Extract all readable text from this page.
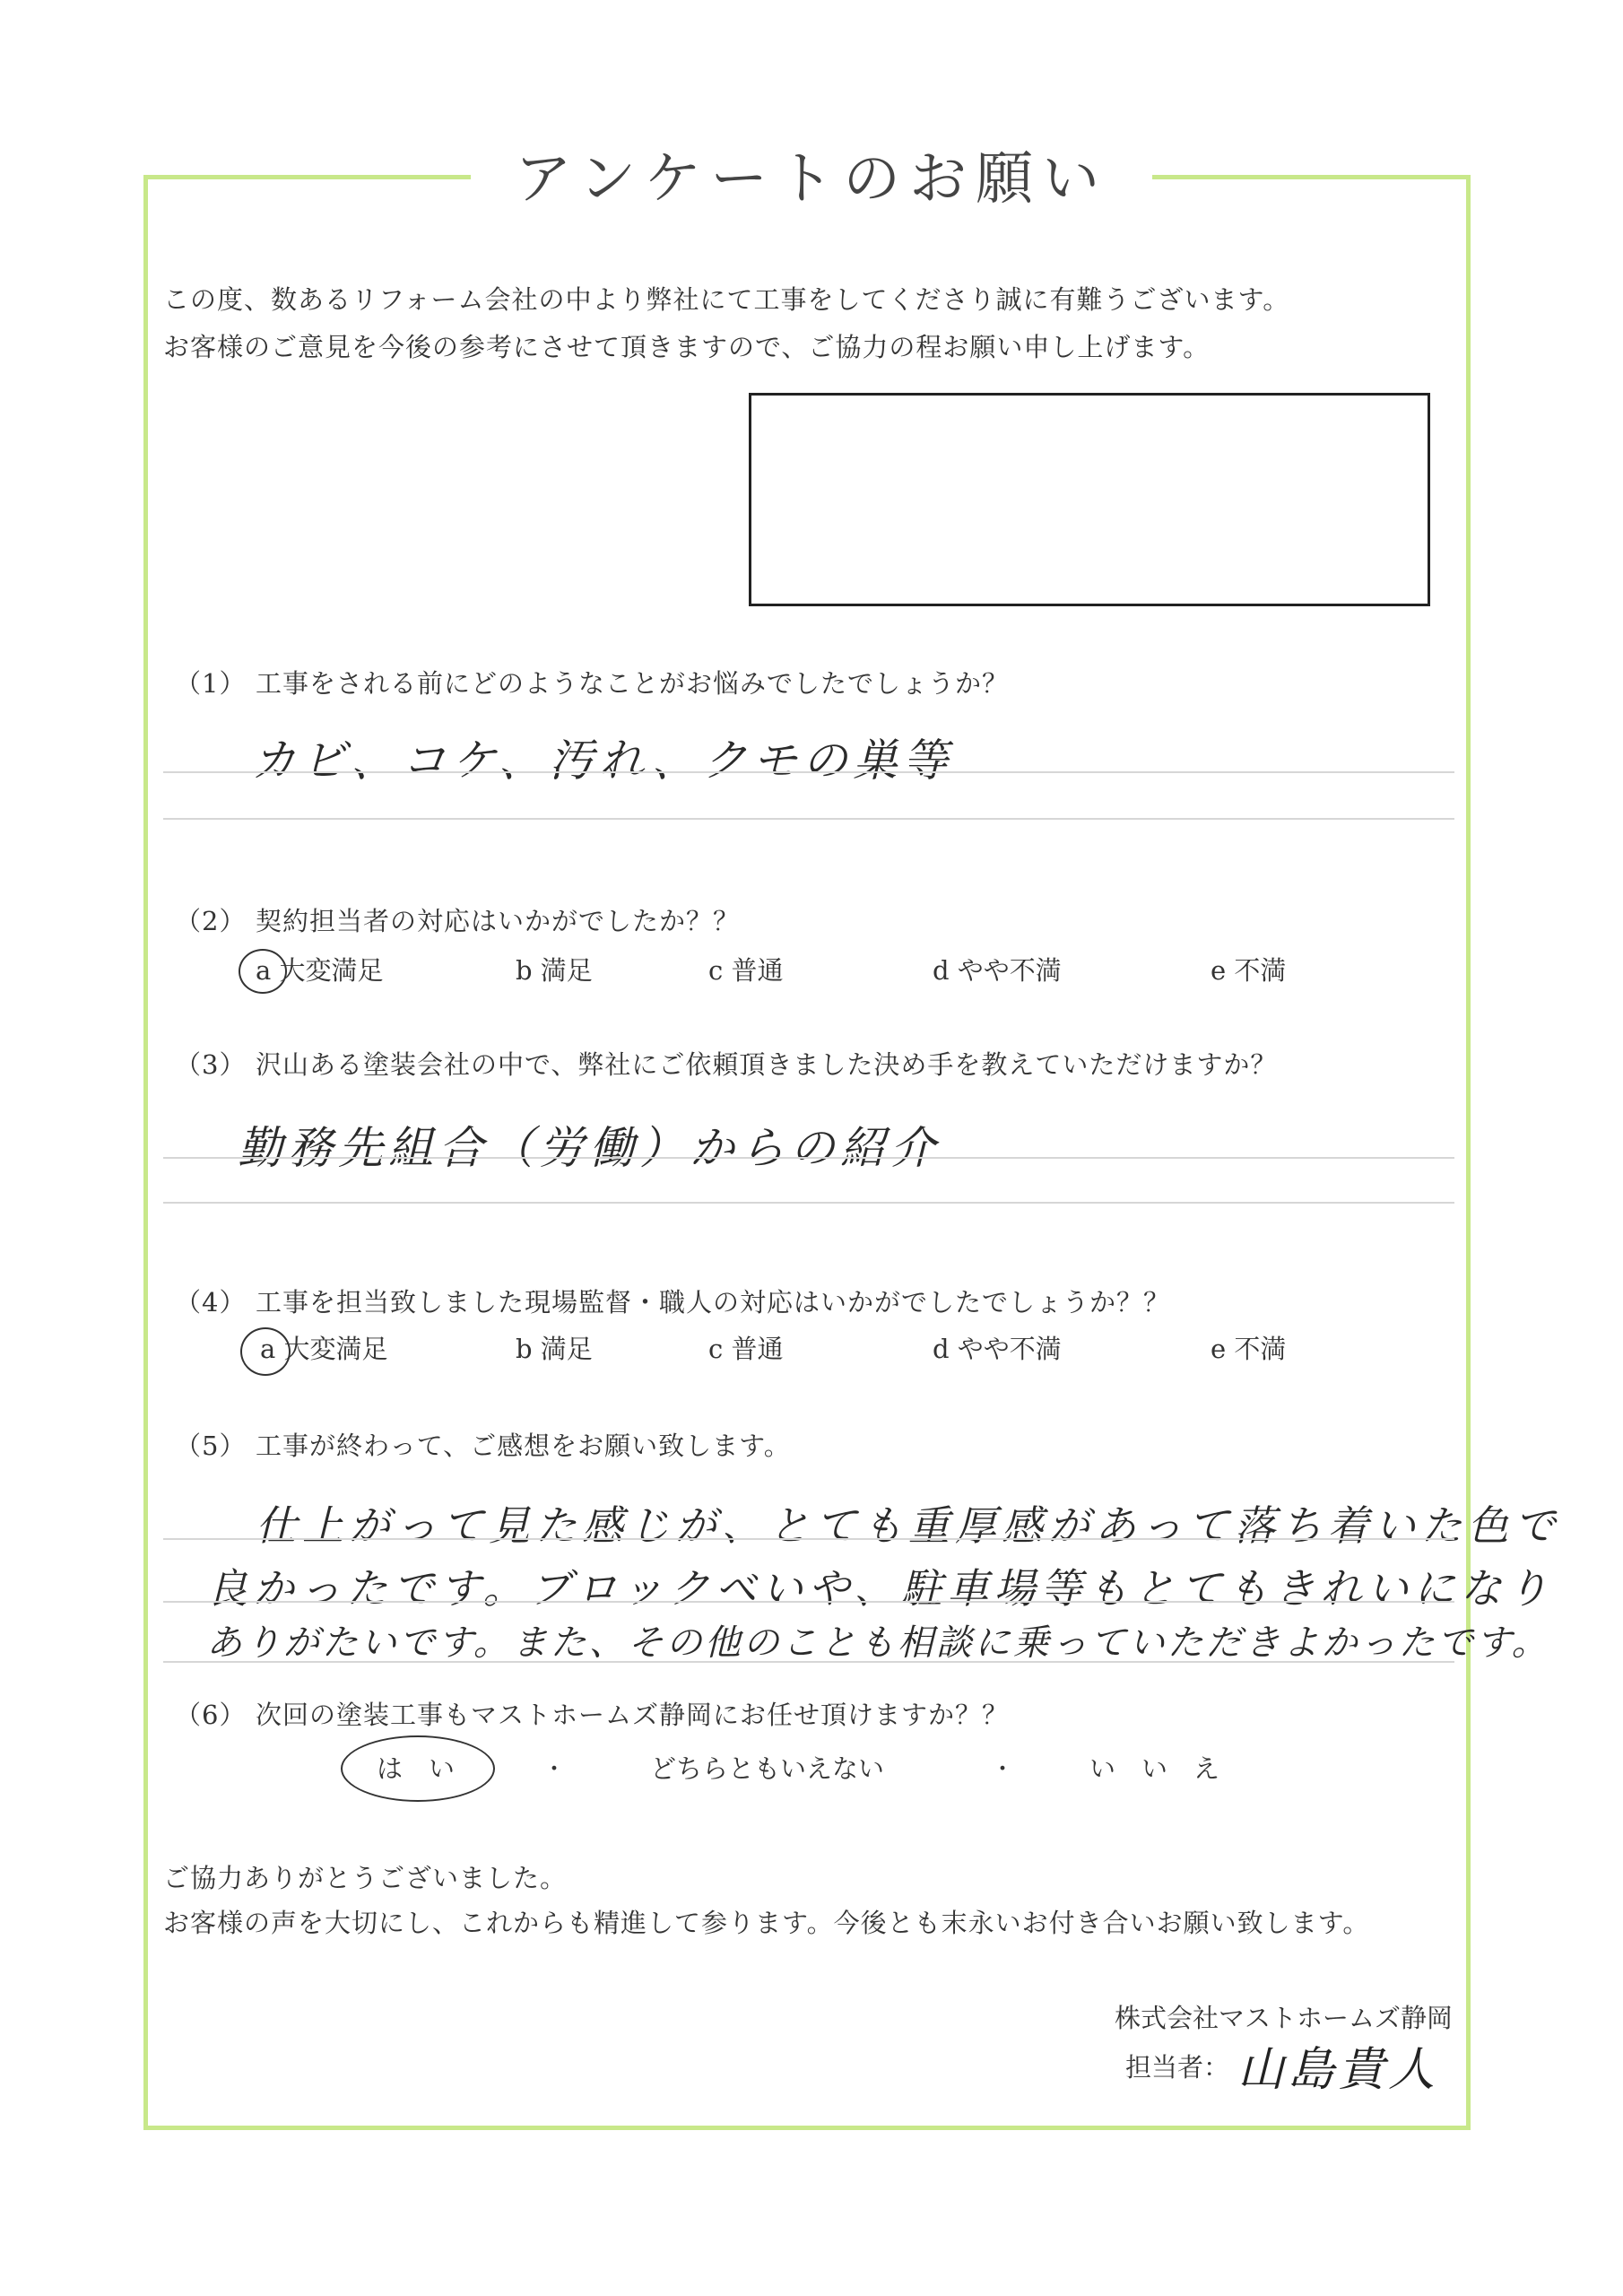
アンケートのお願い
この度、数あるリフォーム会社の中より弊社にて工事をしてくださり誠に有難うございます。
お客様のご意見を今後の参考にさせて頂きますので、ご協力の程お願い申し上げます。
（1） 工事をされる前にどのようなことがお悩みでしたでしょうか？
カビ、コケ、汚れ、クモの巣等
（2） 契約担当者の対応はいかがでしたか？？
a 大変満足	b 満足	c 普通	d やや不満	e 不満
（3） 沢山ある塗装会社の中で、弊社にご依頼頂きました決め手を教えていただけますか？
勤務先組合（労働）からの紹介
（4） 工事を担当致しました現場監督・職人の対応はいかがでしたでしょうか？？
a 大変満足	b 満足	c 普通	d やや不満	e 不満
（5） 工事が終わって、ご感想をお願い致します。
仕上がって見た感じが、とても重厚感があって落ち着いた色で
良かったです。ブロックベいや、駐車場等もとてもきれいになり
ありがたいです。また、その他のことも相談に乗っていただきよかったです。
（6） 次回の塗装工事もマストホームズ静岡にお任せ頂けますか？？
は　い	・	どちらともいえない	・	い　い　え
ご協力ありがとうございました。
お客様の声を大切にし、これからも精進して参ります。今後とも末永いお付き合いお願い致します。
株式会社マストホームズ静岡
担当者： 山島貴人
